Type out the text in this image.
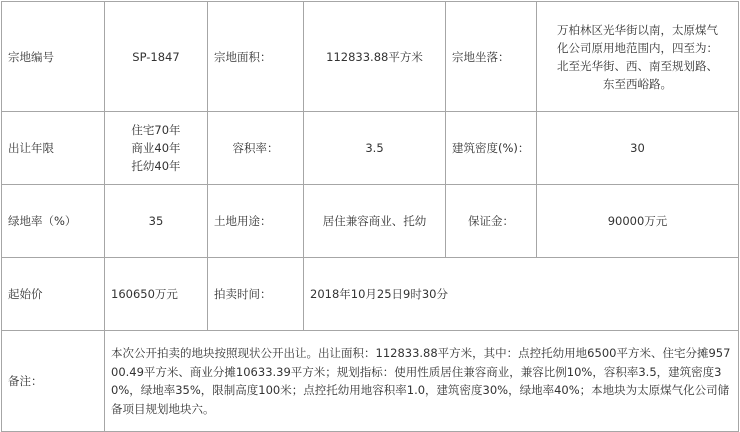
宗地编号	SP-1847	宗地面积：	112833.88平方米	宗地坐落：	万柏林区光华街以南，太原煤气
化公司原用地范围内，四至为：
北至光华街、西、南至规划路、
东至西峪路。

出让年限	住宅70年
商业40年
托幼40年	容积率：	3.5	建筑密度(%)：	30
绿地率（%）	35	土地用途：	居住兼容商业、托幼	保证金：	90000万元
起始价	160650万元	拍卖时间：	2018年10月25日9时30分		
备注：	本次公开拍卖的地块按照现状公开出让。出让面积：112833.88平方米，其中：点控托幼用地6500平方米、住宅分摊95700.49平方米、商业分摊10633.39平方米；规划指标：使用性质居住兼容商业，兼容比例10%，容积率3.5，建筑密度30%，绿地率35%，限制高度100米；点控托幼用地容积率1.0，建筑密度30%，绿地率40%；本地块为太原煤气化公司储备项目规划地块六。				
